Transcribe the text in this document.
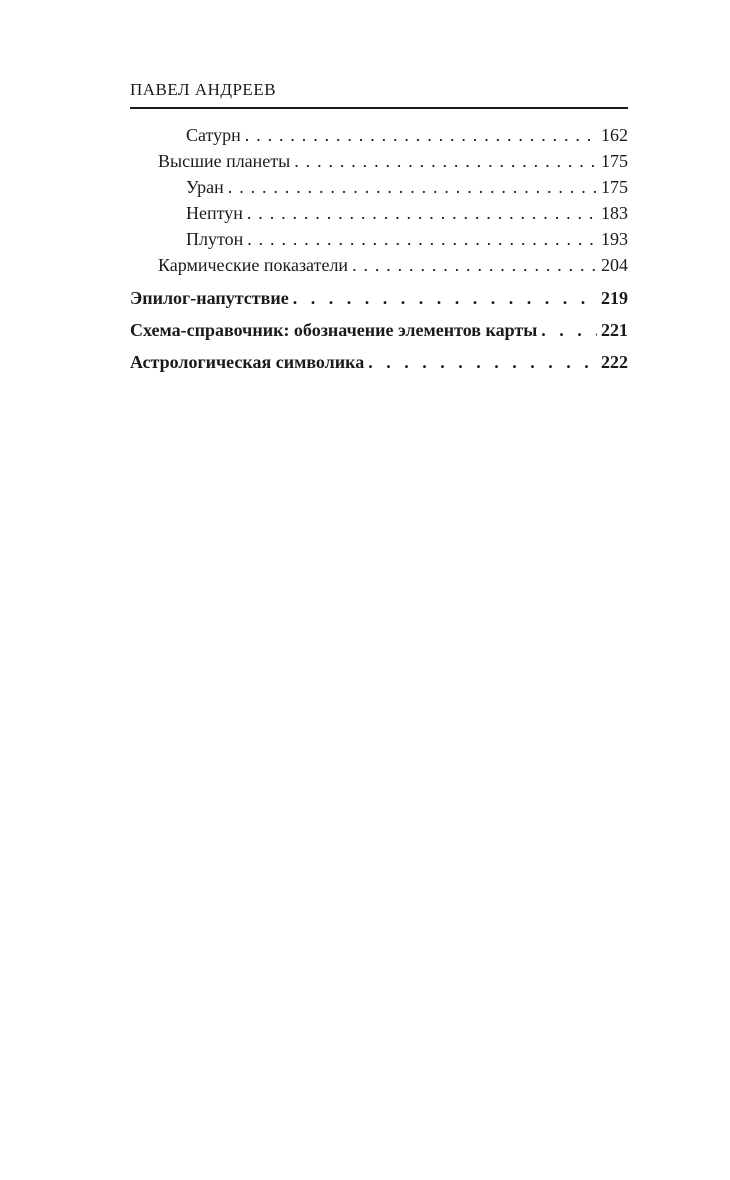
ПАВЕЛ АНДРЕЕВ
Сатурн . . .	162
Высшие планеты . . .	175
Уран . . .	175
Нептун . . .	183
Плутон . . .	193
Кармические показатели . . .	204
Эпилог-напутствие .   .	219
Схема-справочник: обозначение элементов карты .   .	221
Астрологическая символика .   .	222
